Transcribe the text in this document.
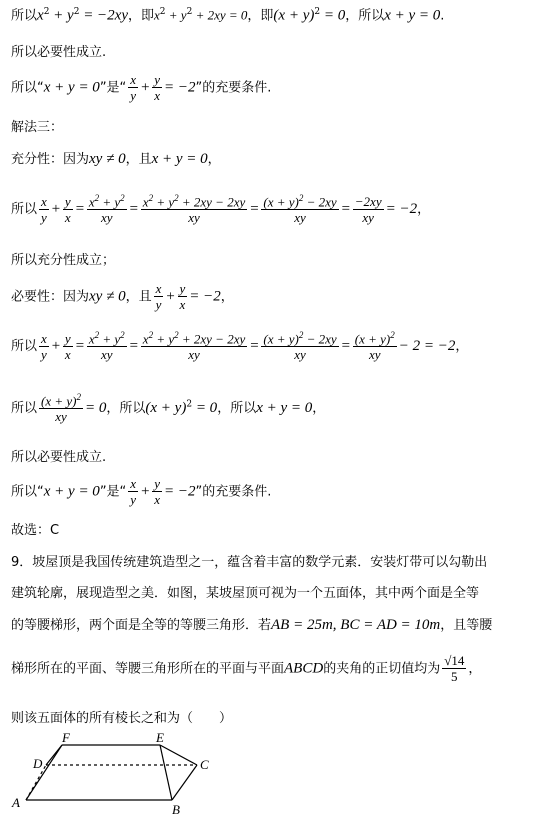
所以$x^2 + y^2 = -2xy$，即$x^2 + y^2 + 2xy = 0$，即$(x + y)^2 = 0$，所以x + y = 0.
所以必要性成立.
所以“x + y = 0”是“ $\frac{x}{y} + \frac{y}{x} = -2$”的充要条件.
解法三：
充分性：因为xy ≠ 0，且x + y = 0，
所以 $\frac{x}{y} + \frac{y}{x} = \frac{x^2 + y^2}{xy} = \frac{x^2 + y^2 + 2xy - 2xy}{xy} = \frac{(x + y)^2 - 2xy}{xy} = \frac{-2xy}{xy} = -2$，
所以充分性成立；
必要性：因为xy ≠ 0，且 $\frac{x}{y} + \frac{y}{x} = -2$，
所以 $\frac{x}{y} + \frac{y}{x} = \frac{x^2 + y^2}{xy} = \frac{x^2 + y^2 + 2xy - 2xy}{xy} = \frac{(x + y)^2 - 2xy}{xy} = \frac{(x + y)^2}{xy} - 2 = -2$，
所以 $\frac{(x + y)^2}{xy} = 0$，所以$(x + y)^2 = 0$，所以x + y = 0，
所以必要性成立.
所以“x + y = 0”是“ $\frac{x}{y} + \frac{y}{x} = -2$”的充要条件.
故选：C
9．坡屋顶是我国传统建筑造型之一，蕴含着丰富的数学元素．安装灯带可以勾勒出
建筑轮廓，展现造型之美．如图，某坡屋顶可视为一个五面体，其中两个面是全等
的等腰梯形，两个面是全等的等腰三角形．若AB = 25m, BC = AD = 10m，且等腰
梯形所在的平面、等腰三角形所在的平面与平面ABCD的夹角的正切值均为 $\frac{√14}{5}$ ，
则该五面体的所有棱长之和为（　　）
A	B
C
D
E
F
